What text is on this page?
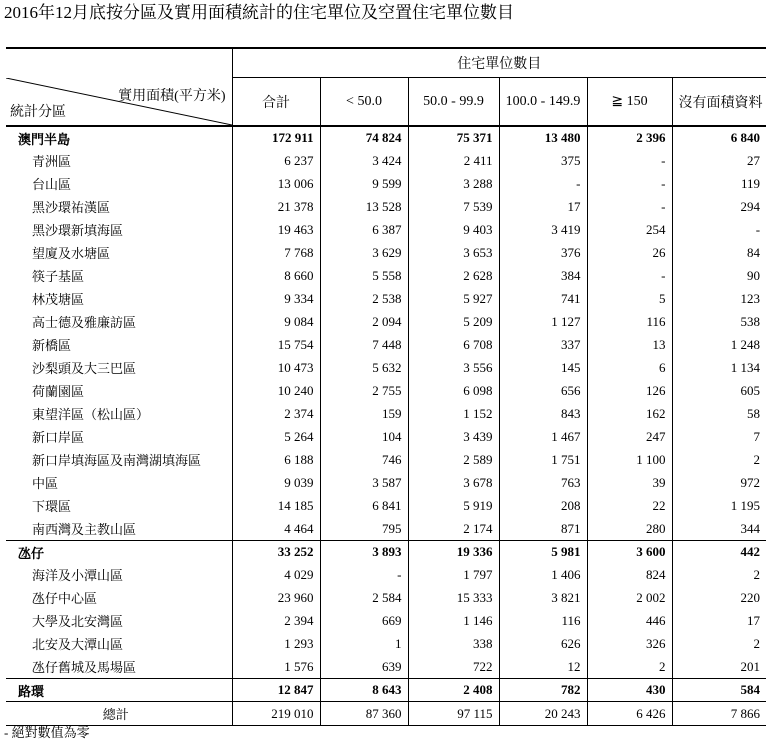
2016年12月底按分區及實用面積統計的住宅單位及空置住宅單位數目
	住宅單位數目					

實用面積(平方米)
統計分區	合計	< 50.0	50.0 - 99.9	100.0 - 149.9	≧ 150	沒有面積資料
澳門半島	172 911	74 824	75 371	13 480	2 396	6 840
青洲區	6 237	3 424	2 411	375	-	27
台山區	13 006	9 599	3 288	-	-	119
黑沙環祐漢區	21 378	13 528	7 539	17	-	294
黑沙環新填海區	19 463	6 387	9 403	3 419	254	-
望廈及水塘區	7 768	3 629	3 653	376	26	84
筷子基區	8 660	5 558	2 628	384	-	90
林茂塘區	9 334	2 538	5 927	741	5	123
高士德及雅廉訪區	9 084	2 094	5 209	1 127	116	538
新橋區	15 754	7 448	6 708	337	13	1 248
沙梨頭及大三巴區	10 473	5 632	3 556	145	6	1 134
荷蘭園區	10 240	2 755	6 098	656	126	605
東望洋區（松山區）	2 374	159	1 152	843	162	58
新口岸區	5 264	104	3 439	1 467	247	7
新口岸填海區及南灣湖填海區	6 188	746	2 589	1 751	1 100	2
中區	9 039	3 587	3 678	763	39	972
下環區	14 185	6 841	5 919	208	22	1 195
南西灣及主教山區	4 464	795	2 174	871	280	344
氹仔	33 252	3 893	19 336	5 981	3 600	442
海洋及小潭山區	4 029	-	1 797	1 406	824	2
氹仔中心區	23 960	2 584	15 333	3 821	2 002	220
大學及北安灣區	2 394	669	1 146	116	446	17
北安及大潭山區	1 293	1	338	626	326	2
氹仔舊城及馬場區	1 576	639	722	12	2	201
路環	12 847	8 643	2 408	782	430	584
總計	219 010	87 360	97 115	20 243	6 426	7 866
- 絕對數值為零
